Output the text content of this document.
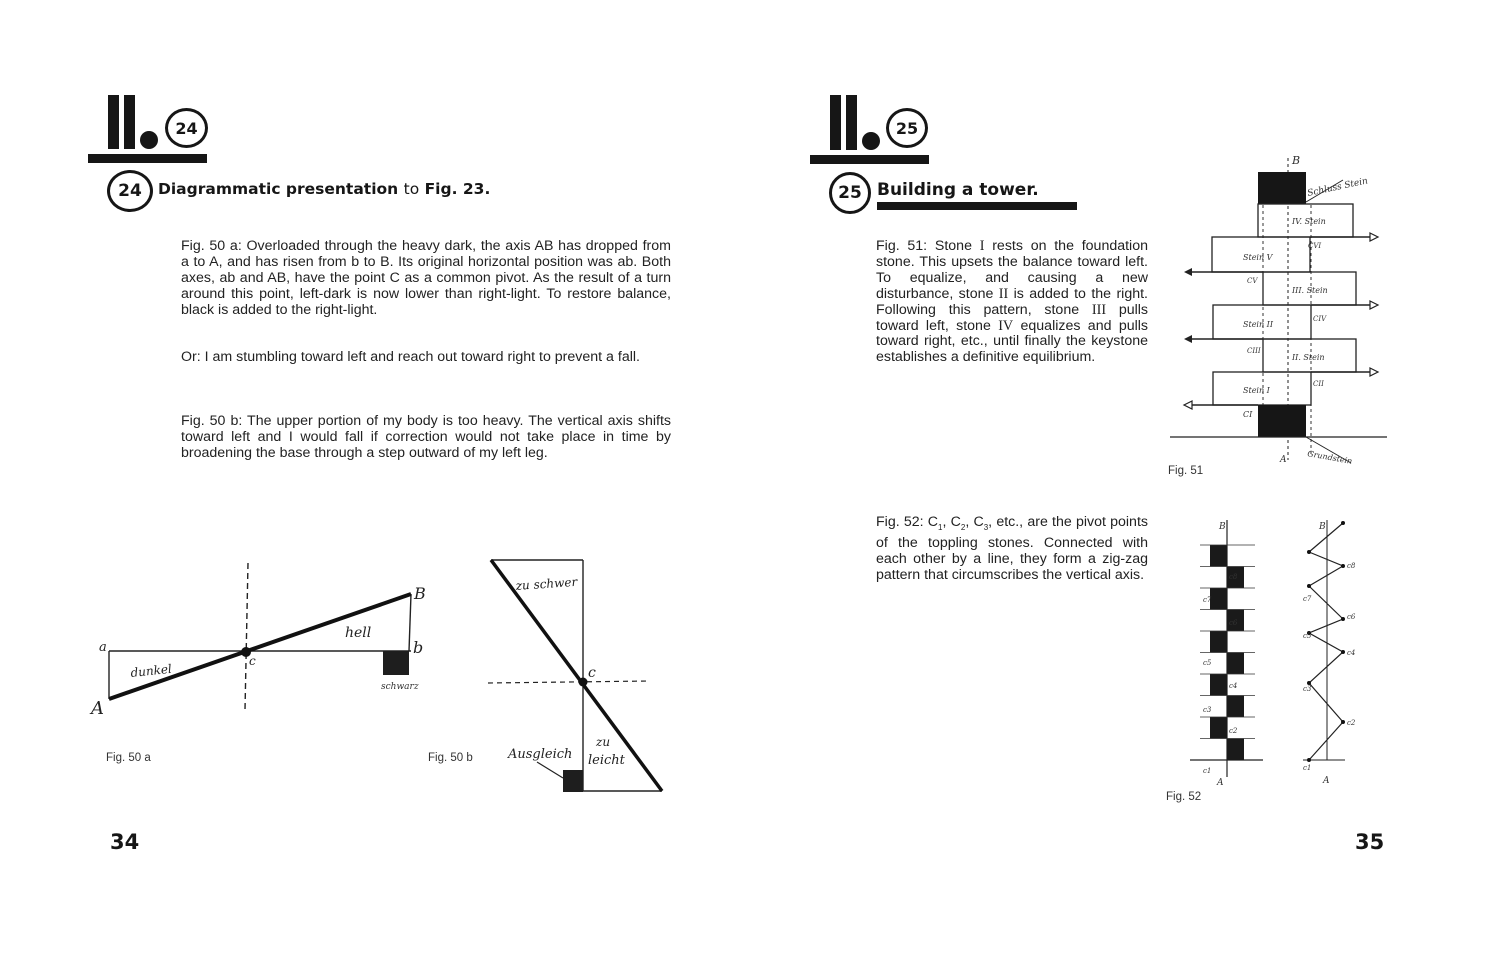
24
24	Diagrammatic presentation to Fig. 23.

Fig. 50 a: Overloaded through the heavy dark, the axis AB has dropped from a to A, and has risen from b to B. Its original horizontal position was ab. Both axes, ab and AB, have the point C as a common pivot. As the result of a turn around this point, left-dark is now lower than right-light. To restore balance, black is added to the right-light.

Or: I am stumbling toward left and reach out toward right to prevent a fall.

Fig. 50 b: The upper portion of my body is too heavy. The vertical axis shifts toward left and I would fall if correction would not take place in time by broadening the base through a step outward of my left leg.

a
A
B
b
c
dunkel
hell
schwarz
Fig. 50 a
zu schwer
c
zu
leicht
Ausgleich
Fig. 50 b
34
25
25 Building a tower.

Fig. 51: Stone I rests on the foundation stone. This upsets the balance toward left. To equalize, and causing a new disturbance, stone II is added to the right. Following this pattern, stone III pulls toward left, stone IV equalizes and pulls toward right, etc., until finally the keystone establishes a definitive equilibrium.

B
Schluss Stein
IV. Stein
Stein V
III. Stein
Stein II
II. Stein
Stein I
CVI
CV
CIV
CIII
CII
CI
A	Grundstein
Fig. 51

Fig. 52: $C_1$, $C_2$, $C_3$, etc., are the pivot points of the toppling stones. Connected with each other by a line, they form a zig-zag pattern that circumscribes the vertical axis.

B
A
B
A
c8
c7
c6
c5
c4
c3
c2
c1
c8
c7
c6
c5
c4
c3
c2
c1
Fig. 52
35
